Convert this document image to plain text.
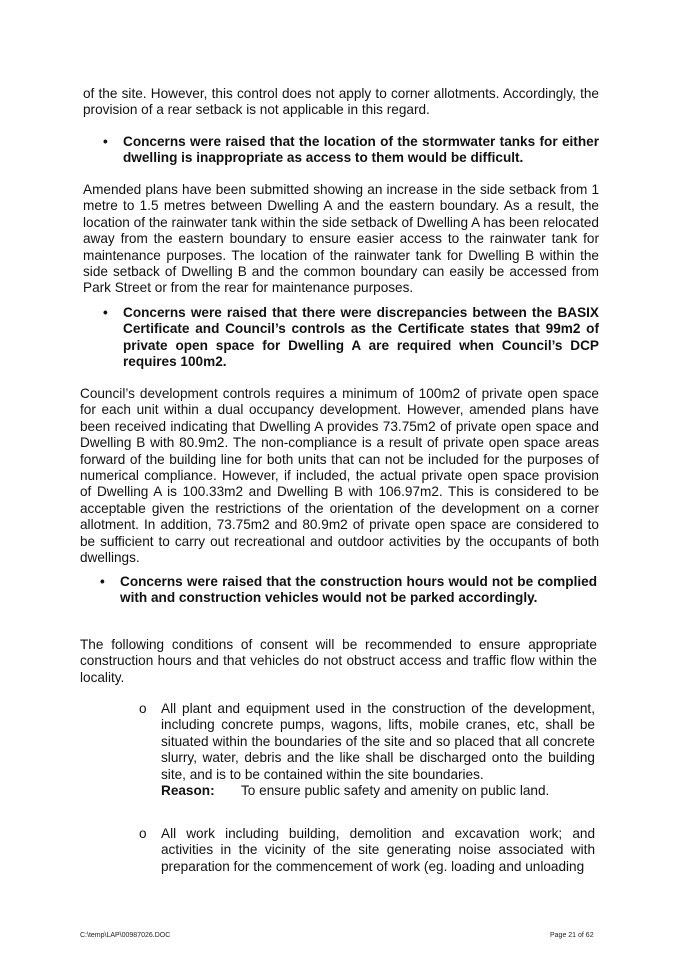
of the site. However, this control does not apply to corner allotments. Accordingly, the provision of a rear setback is not applicable in this regard.

•	Concerns were raised that the location of the stormwater tanks for either dwelling is inappropriate as access to them would be difficult.

Amended plans have been submitted showing an increase in the side setback from 1 metre to 1.5 metres between Dwelling A and the eastern boundary. As a result, the location of the rainwater tank within the side setback of Dwelling A has been relocated away from the eastern boundary to ensure easier access to the rainwater tank for maintenance purposes. The location of the rainwater tank for Dwelling B within the side setback of Dwelling B and the common boundary can easily be accessed from Park Street or from the rear for maintenance purposes.

•	Concerns were raised that there were discrepancies between the BASIX Certificate and Council’s controls as the Certificate states that 99m2 of private open space for Dwelling A are required when Council’s DCP requires 100m2.

Council’s development controls requires a minimum of 100m2 of private open space for each unit within a dual occupancy development. However, amended plans have been received indicating that Dwelling A provides 73.75m2 of private open space and Dwelling B with 80.9m2. The non-compliance is a result of private open space areas forward of the building line for both units that can not be included for the purposes of numerical compliance. However, if included, the actual private open space provision of Dwelling A is 100.33m2 and Dwelling B with 106.97m2. This is considered to be acceptable given the restrictions of the orientation of the development on a corner allotment. In addition, 73.75m2 and 80.9m2 of private open space are considered to be sufficient to carry out recreational and outdoor activities by the occupants of both dwellings.

•	Concerns were raised that the construction hours would not be complied with and construction vehicles would not be parked accordingly.

The following conditions of consent will be recommended to ensure appropriate construction hours and that vehicles do not obstruct access and traffic flow within the locality.

o	All plant and equipment used in the construction of the development, including concrete pumps, wagons, lifts, mobile cranes, etc, shall be situated within the boundaries of the site and so placed that all concrete slurry, water, debris and the like shall be discharged onto the building site, and is to be contained within the site boundaries.

Reason:	To ensure public safety and amenity on public land.
o	All work including building, demolition and excavation work; and activities in the vicinity of the site generating noise associated with preparation for the commencement of work (eg. loading and unloading

C:\temp\LAP\00987026.DOC	Page 21 of 62
